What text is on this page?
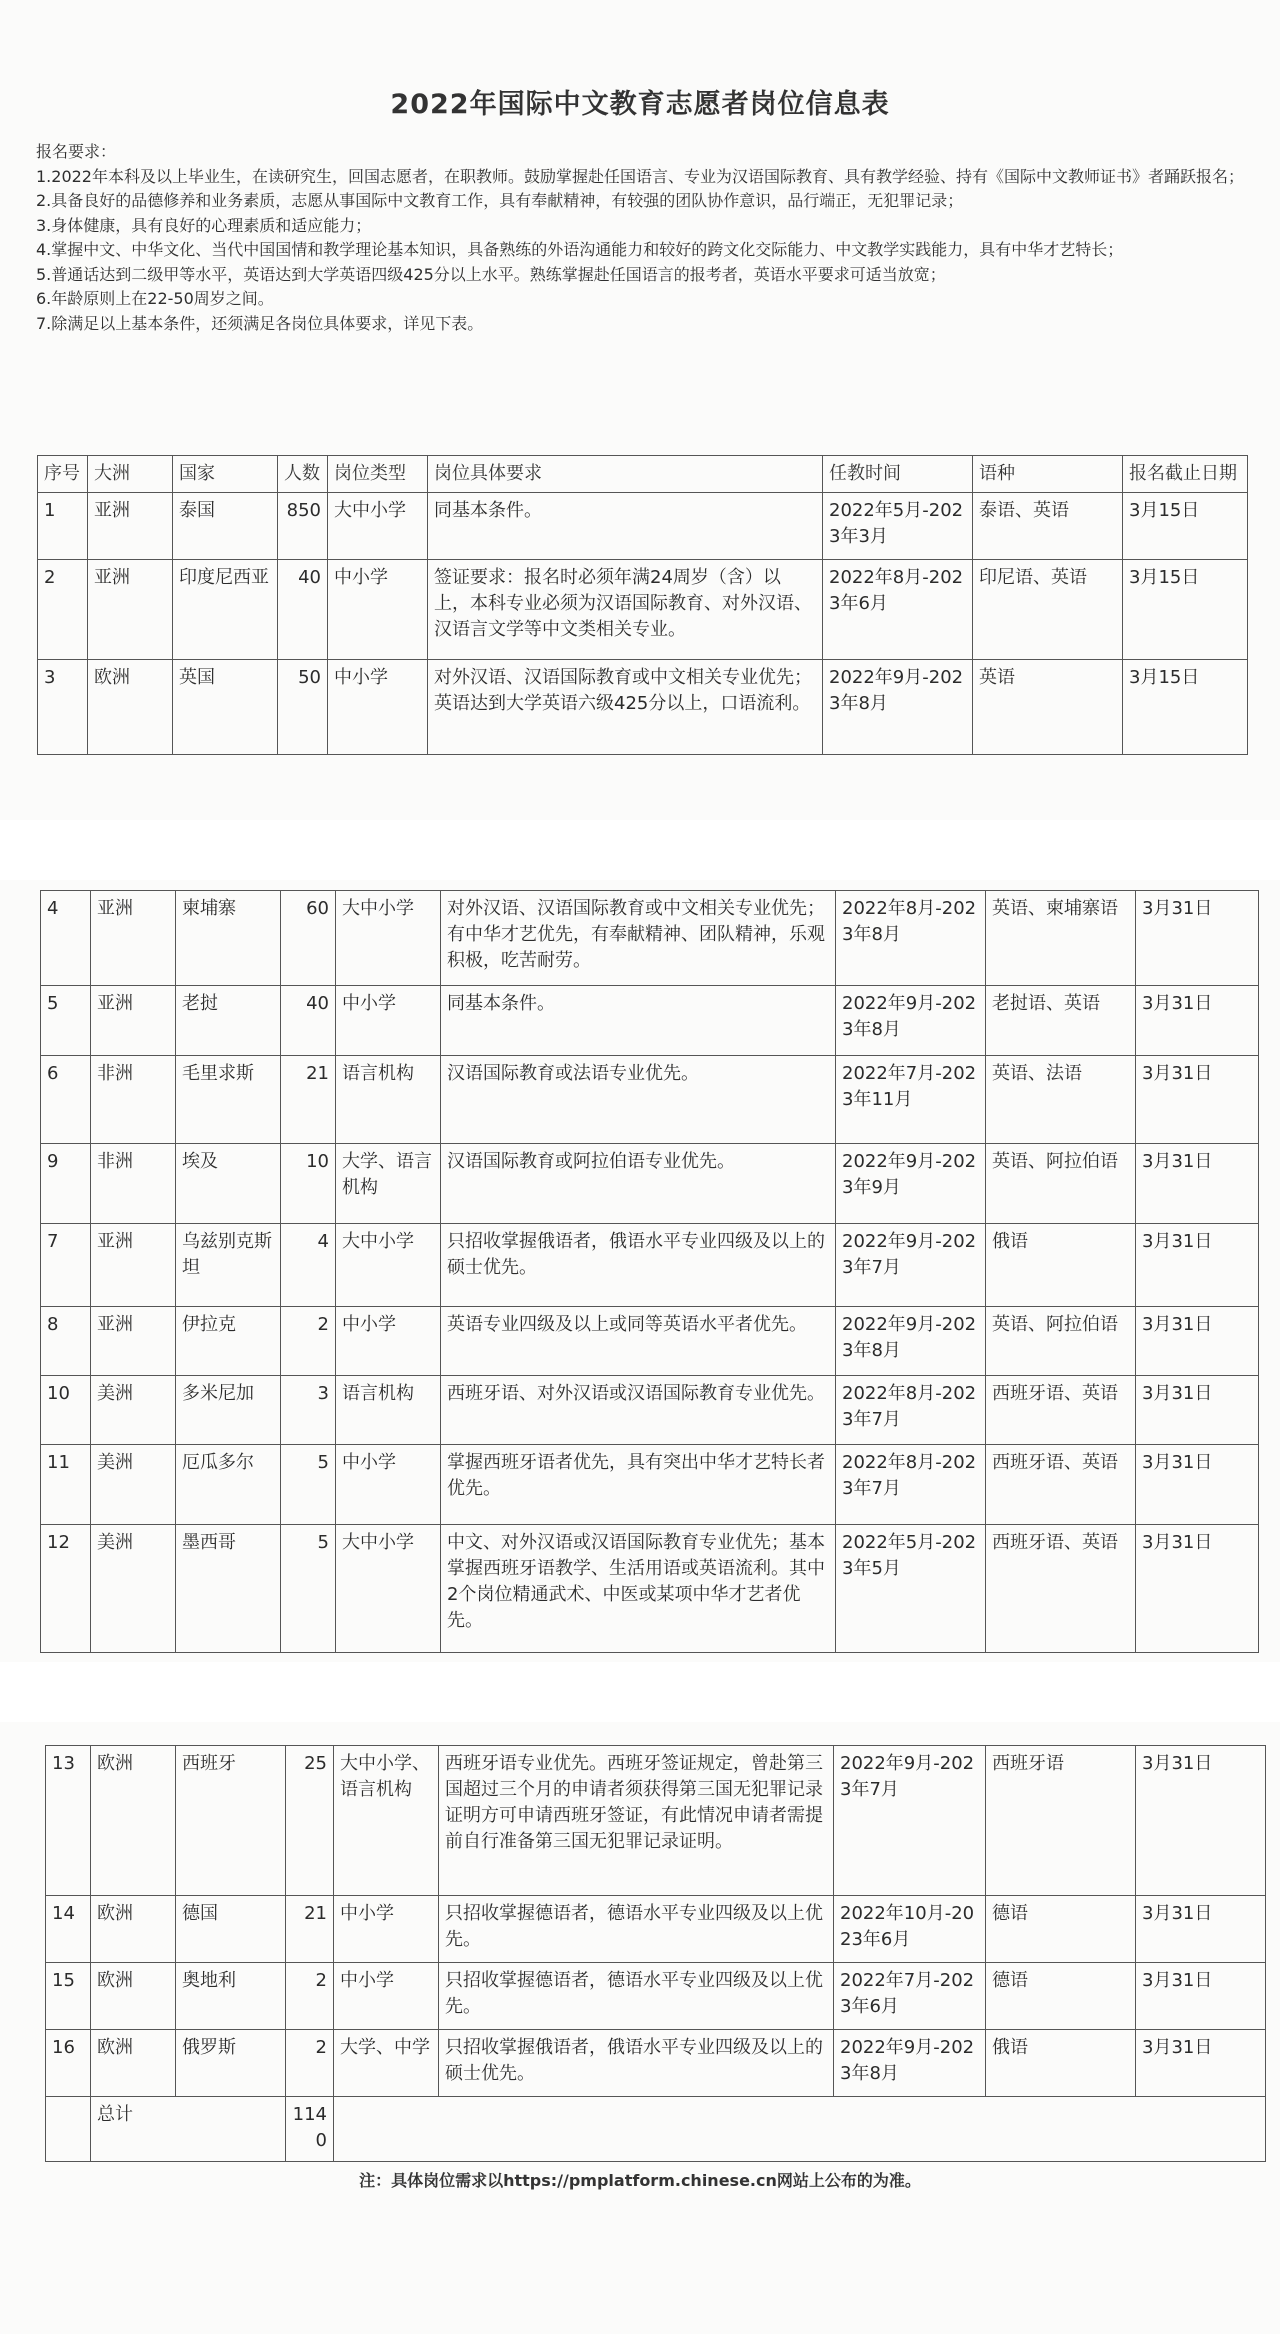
2022年国际中文教育志愿者岗位信息表
报名要求：
1.2022年本科及以上毕业生，在读研究生，回国志愿者，在职教师。鼓励掌握赴任国语言、专业为汉语国际教育、具有教学经验、持有《国际中文教师证书》者踊跃报名；
2.具备良好的品德修养和业务素质，志愿从事国际中文教育工作，具有奉献精神，有较强的团队协作意识，品行端正，无犯罪记录；
3.身体健康，具有良好的心理素质和适应能力；
4.掌握中文、中华文化、当代中国国情和教学理论基本知识，具备熟练的外语沟通能力和较好的跨文化交际能力、中文教学实践能力，具有中华才艺特长；
5.普通话达到二级甲等水平，英语达到大学英语四级425分以上水平。熟练掌握赴任国语言的报考者，英语水平要求可适当放宽；
6.年龄原则上在22-50周岁之间。
7.除满足以上基本条件，还须满足各岗位具体要求，详见下表。
序号	大洲	国家	人数	岗位类型	岗位具体要求	任教时间	语种	报名截止日期
1	亚洲	泰国	850	大中小学	同基本条件。	2022年5月-2023年3月	泰语、英语	3月15日
2	亚洲	印度尼西亚	40	中小学	签证要求：报名时必须年满24周岁（含）以上，本科专业必须为汉语国际教育、对外汉语、汉语言文学等中文类相关专业。	2022年8月-2023年6月	印尼语、英语	3月15日
3	欧洲	英国	50	中小学	对外汉语、汉语国际教育或中文相关专业优先；英语达到大学英语六级425分以上，口语流利。	2022年9月-2023年8月	英语	3月15日
4	亚洲	柬埔寨	60	大中小学	对外汉语、汉语国际教育或中文相关专业优先；有中华才艺优先，有奉献精神、团队精神，乐观积极，吃苦耐劳。	2022年8月-2023年8月	英语、柬埔寨语	3月31日
5	亚洲	老挝	40	中小学	同基本条件。	2022年9月-2023年8月	老挝语、英语	3月31日
6	非洲	毛里求斯	21	语言机构	汉语国际教育或法语专业优先。	2022年7月-2023年11月	英语、法语	3月31日
9	非洲	埃及	10	大学、语言机构	汉语国际教育或阿拉伯语专业优先。	2022年9月-2023年9月	英语、阿拉伯语	3月31日
7	亚洲	乌兹别克斯坦	4	大中小学	只招收掌握俄语者，俄语水平专业四级及以上的硕士优先。	2022年9月-2023年7月	俄语	3月31日
8	亚洲	伊拉克	2	中小学	英语专业四级及以上或同等英语水平者优先。	2022年9月-2023年8月	英语、阿拉伯语	3月31日
10	美洲	多米尼加	3	语言机构	西班牙语、对外汉语或汉语国际教育专业优先。	2022年8月-2023年7月	西班牙语、英语	3月31日
11	美洲	厄瓜多尔	5	中小学	掌握西班牙语者优先，具有突出中华才艺特长者优先。	2022年8月-2023年7月	西班牙语、英语	3月31日
12	美洲	墨西哥	5	大中小学	中文、对外汉语或汉语国际教育专业优先；基本掌握西班牙语教学、生活用语或英语流利。其中2个岗位精通武术、中医或某项中华才艺者优先。	2022年5月-2023年5月	西班牙语、英语	3月31日
13	欧洲	西班牙	25	大中小学、语言机构	西班牙语专业优先。西班牙签证规定，曾赴第三国超过三个月的申请者须获得第三国无犯罪记录证明方可申请西班牙签证，有此情况申请者需提前自行准备第三国无犯罪记录证明。	2022年9月-2023年7月	西班牙语	3月31日
14	欧洲	德国	21	中小学	只招收掌握德语者，德语水平专业四级及以上优先。	2022年10月-2023年6月	德语	3月31日
15	欧洲	奥地利	2	中小学	只招收掌握德语者，德语水平专业四级及以上优先。	2022年7月-2023年6月	德语	3月31日
16	欧洲	俄罗斯	2	大学、中学	只招收掌握俄语者，俄语水平专业四级及以上的硕士优先。	2022年9月-2023年8月	俄语	3月31日
	总计		1140					
注：具体岗位需求以https://pmplatform.chinese.cn网站上公布的为准。
